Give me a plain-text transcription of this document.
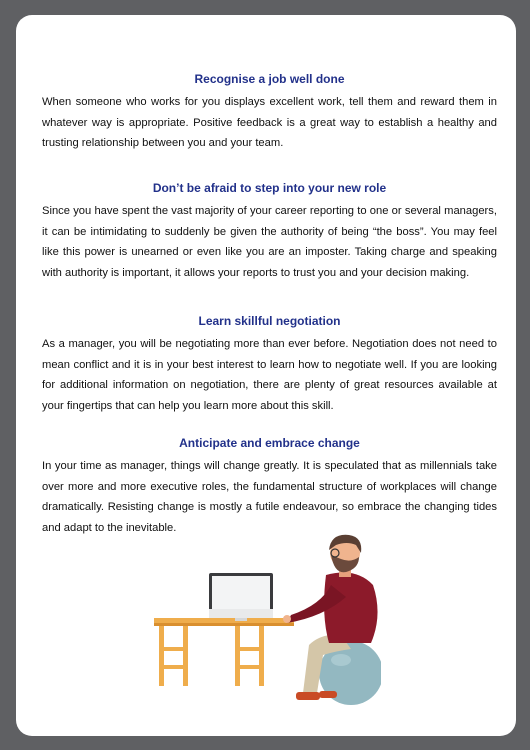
Recognise a job well done

When someone who works for you displays excellent work, tell them and reward them in whatever way is appropriate. Positive feedback is a great way to establish a healthy and trusting relationship between you and your team.

Don’t be afraid to step into your new role

Since you have spent the vast majority of your career reporting to one or several managers, it can be intimidating to suddenly be given the authority of being “the boss”. You may feel like this power is unearned or even like you are an imposter. Taking charge and speaking with authority is important, it allows your reports to trust you and your decision making.

Learn skillful negotiation

As a manager, you will be negotiating more than ever before. Negotiation does not need to mean conflict and it is in your best interest to learn how to negotiate well. If you are looking for additional information on negotiation, there are plenty of great resources available at your fingertips that can help you learn more about this skill.

Anticipate and embrace change

In your time as manager, things will change greatly. It is speculated that as millennials take over more and more executive roles, the fundamental structure of workplaces will change dramatically. Resisting change is mostly a futile endeavour, so embrace the changing tides and adapt to the inevitable.
